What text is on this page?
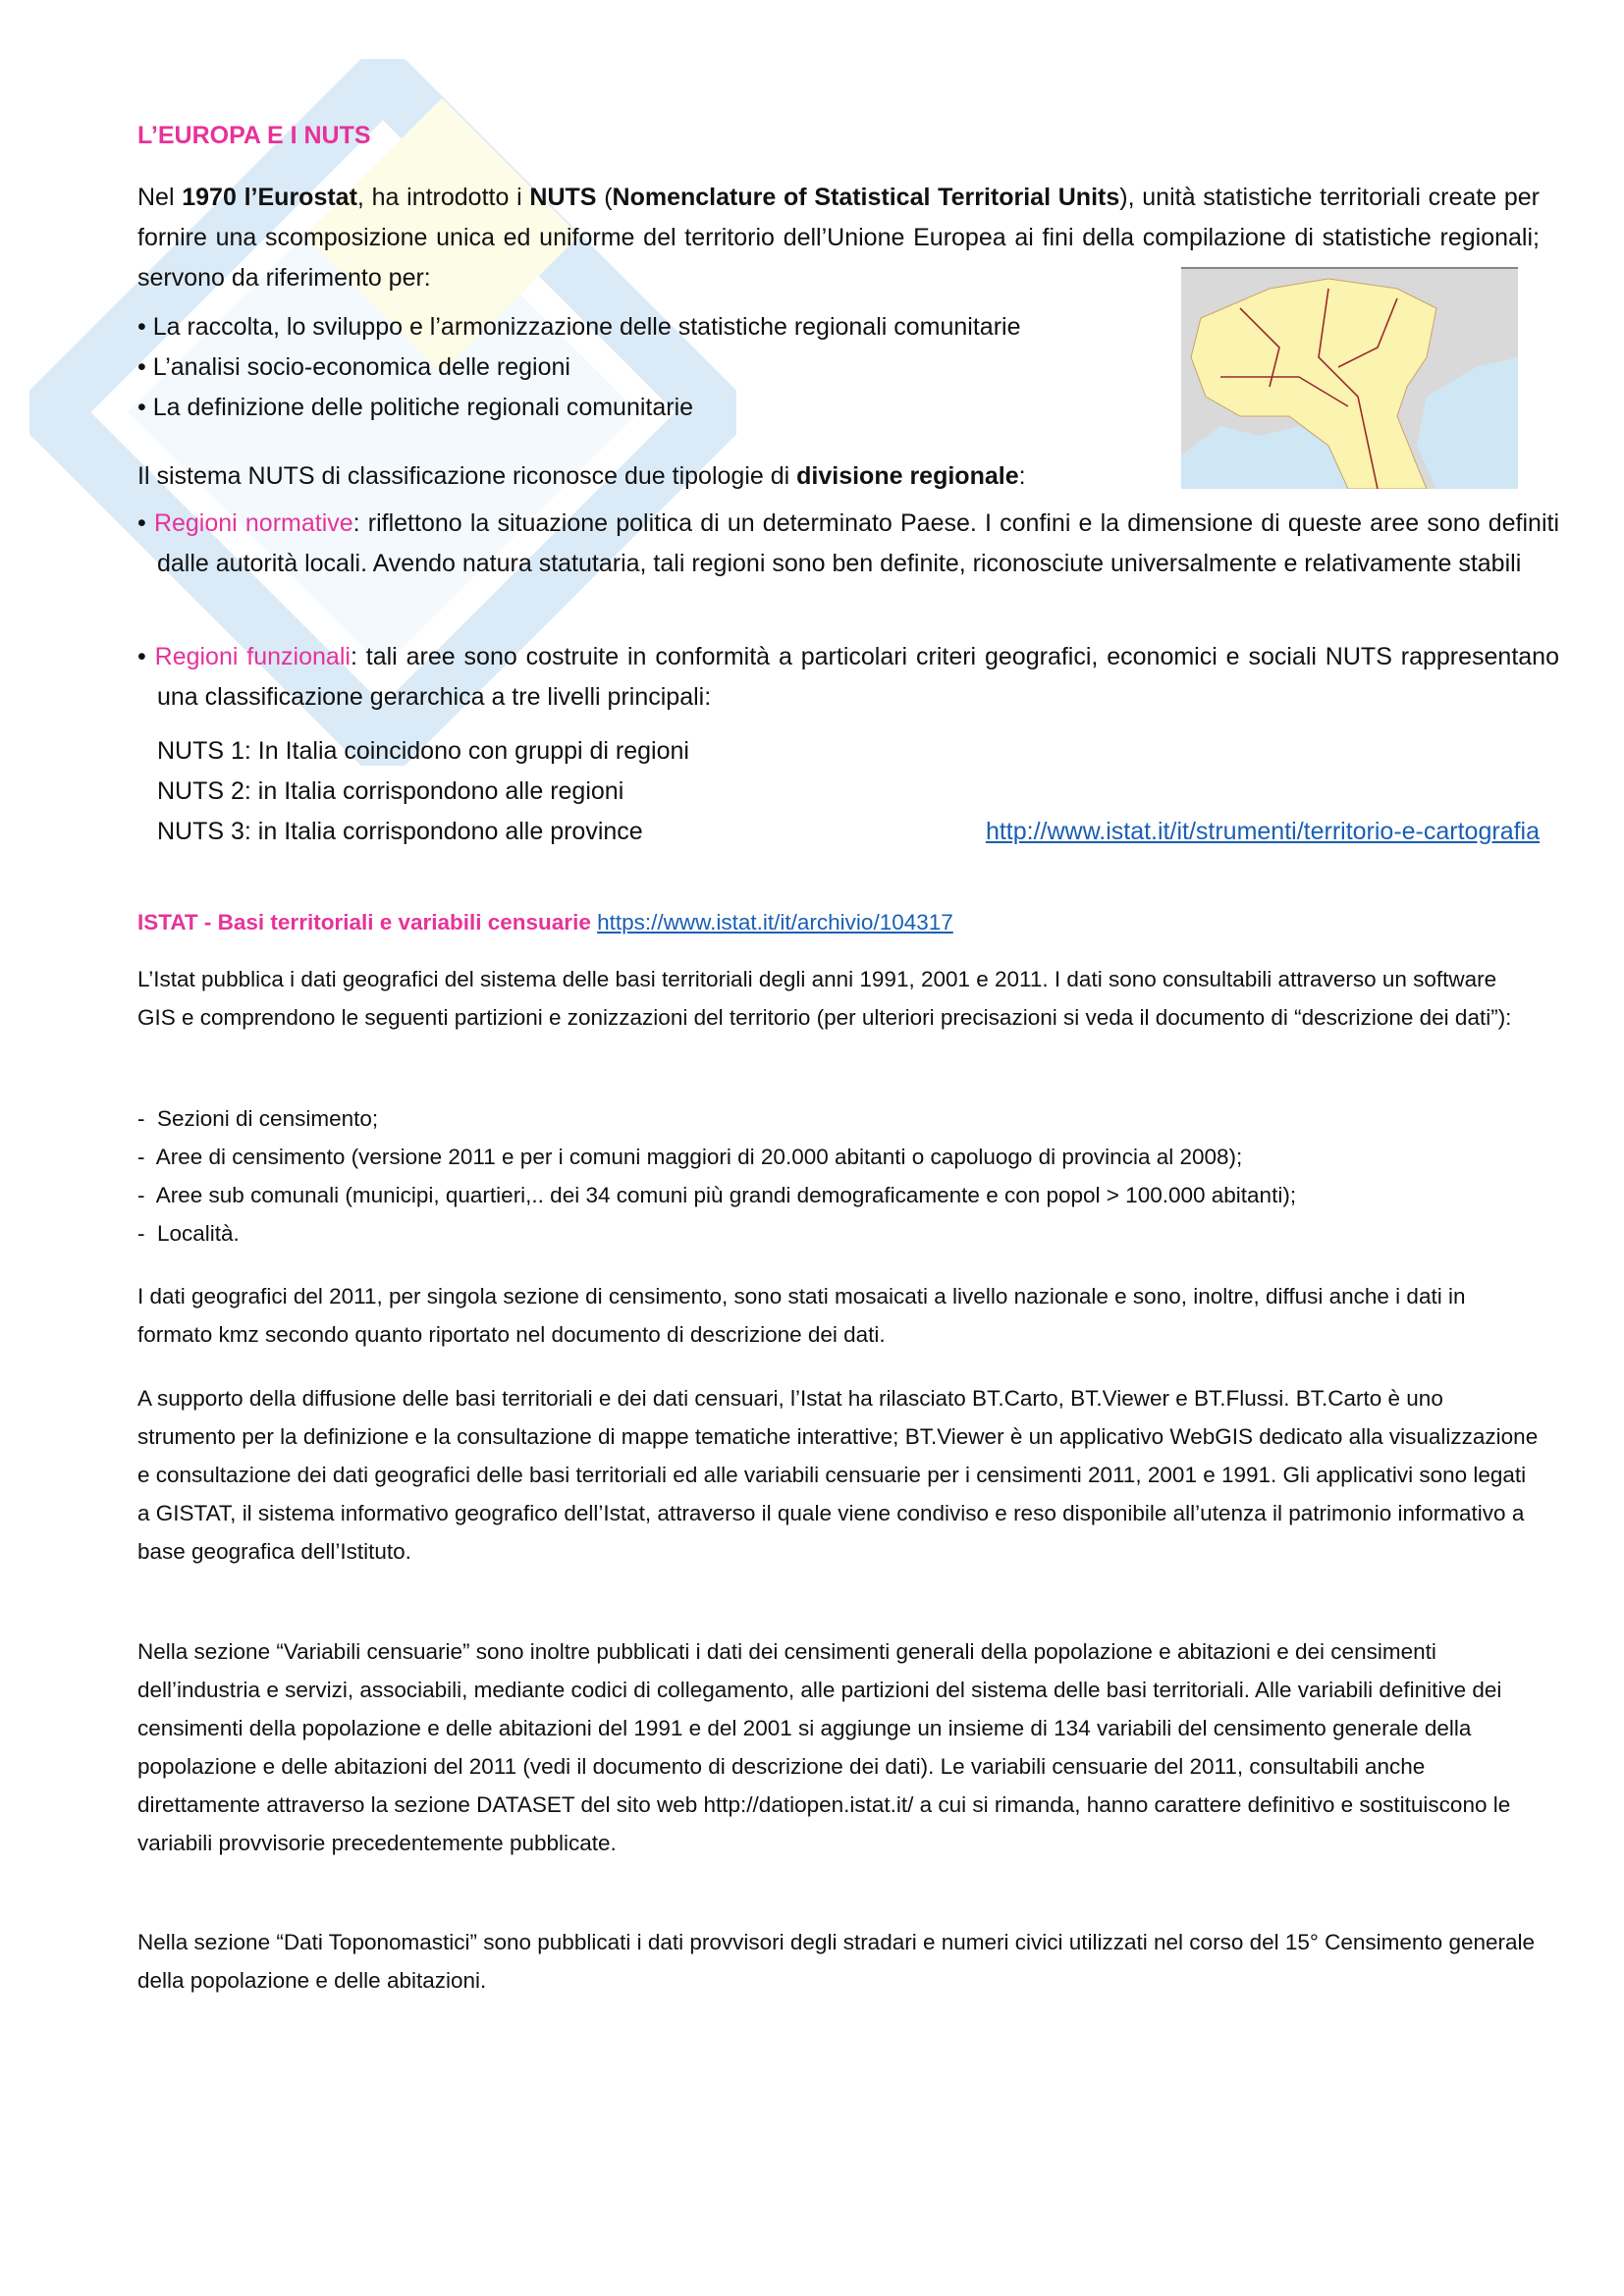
L’EUROPA E I NUTS
Nel 1970 l’Eurostat, ha introdotto i NUTS (Nomenclature of Statistical Territorial Units), unità statistiche territoriali create per fornire una scomposizione unica ed uniforme del territorio dell’Unione Europea ai fini della compilazione di statistiche regionali; servono da riferimento per:
• La raccolta, lo sviluppo e l’armonizzazione delle statistiche regionali comunitarie
• L’analisi socio-economica delle regioni
• La definizione delle politiche regionali comunitarie
Il sistema NUTS di classificazione riconosce due tipologie di divisione regionale:
• Regioni normative: riflettono la situazione politica di un determinato Paese. I confini e la dimensione di queste aree sono definiti dalle autorità locali. Avendo natura statutaria, tali regioni sono ben definite, riconosciute universalmente e relativamente stabili
• Regioni funzionali: tali aree sono costruite in conformità a particolari criteri geografici, economici e sociali NUTS rappresentano una classificazione gerarchica a tre livelli principali:
NUTS 1: In Italia coincidono con gruppi di regioni
NUTS 2: in Italia corrispondono alle regioni
NUTS 3: in Italia corrispondono alle province	http://www.istat.it/it/strumenti/territorio-e-cartografia
ISTAT - Basi territoriali e variabili censuarie https://www.istat.it/it/archivio/104317
L’Istat pubblica i dati geografici del sistema delle basi territoriali degli anni 1991, 2001 e 2011. I dati sono consultabili attraverso un software GIS e comprendono le seguenti partizioni e zonizzazioni del territorio (per ulteriori precisazioni si veda il documento di “descrizione dei dati”):
-  Sezioni di censimento;
-  Aree di censimento (versione 2011 e per i comuni maggiori di 20.000 abitanti o capoluogo di provincia al 2008);
-  Aree sub comunali (municipi, quartieri,.. dei 34 comuni più grandi demograficamente e con popol > 100.000 abitanti);
-  Località.
I dati geografici del 2011, per singola sezione di censimento, sono stati mosaicati a livello nazionale e sono, inoltre, diffusi anche i dati in formato kmz secondo quanto riportato nel documento di descrizione dei dati.
A supporto della diffusione delle basi territoriali e dei dati censuari, l’Istat ha rilasciato BT.Carto, BT.Viewer e BT.Flussi. BT.Carto è uno strumento per la definizione e la consultazione di mappe tematiche interattive; BT.Viewer è un applicativo WebGIS dedicato alla visualizzazione e consultazione dei dati geografici delle basi territoriali ed alle variabili censuarie per i censimenti 2011, 2001 e 1991. Gli applicativi sono legati a GISTAT, il sistema informativo geografico dell’Istat, attraverso il quale viene condiviso e reso disponibile all’utenza il patrimonio informativo a base geografica dell’Istituto.
Nella sezione “Variabili censuarie” sono inoltre pubblicati i dati dei censimenti generali della popolazione e abitazioni e dei censimenti dell’industria e servizi, associabili, mediante codici di collegamento, alle partizioni del sistema delle basi territoriali. Alle variabili definitive dei censimenti della popolazione e delle abitazioni del 1991 e del 2001 si aggiunge un insieme di 134 variabili del censimento generale della popolazione e delle abitazioni del 2011 (vedi il documento di descrizione dei dati). Le variabili censuarie del 2011, consultabili anche direttamente attraverso la sezione DATASET del sito web http://datiopen.istat.it/ a cui si rimanda, hanno carattere definitivo e sostituiscono le variabili provvisorie precedentemente pubblicate.
Nella sezione “Dati Toponomastici” sono pubblicati i dati provvisori degli stradari e numeri civici utilizzati nel corso del 15° Censimento generale della popolazione e delle abitazioni.
